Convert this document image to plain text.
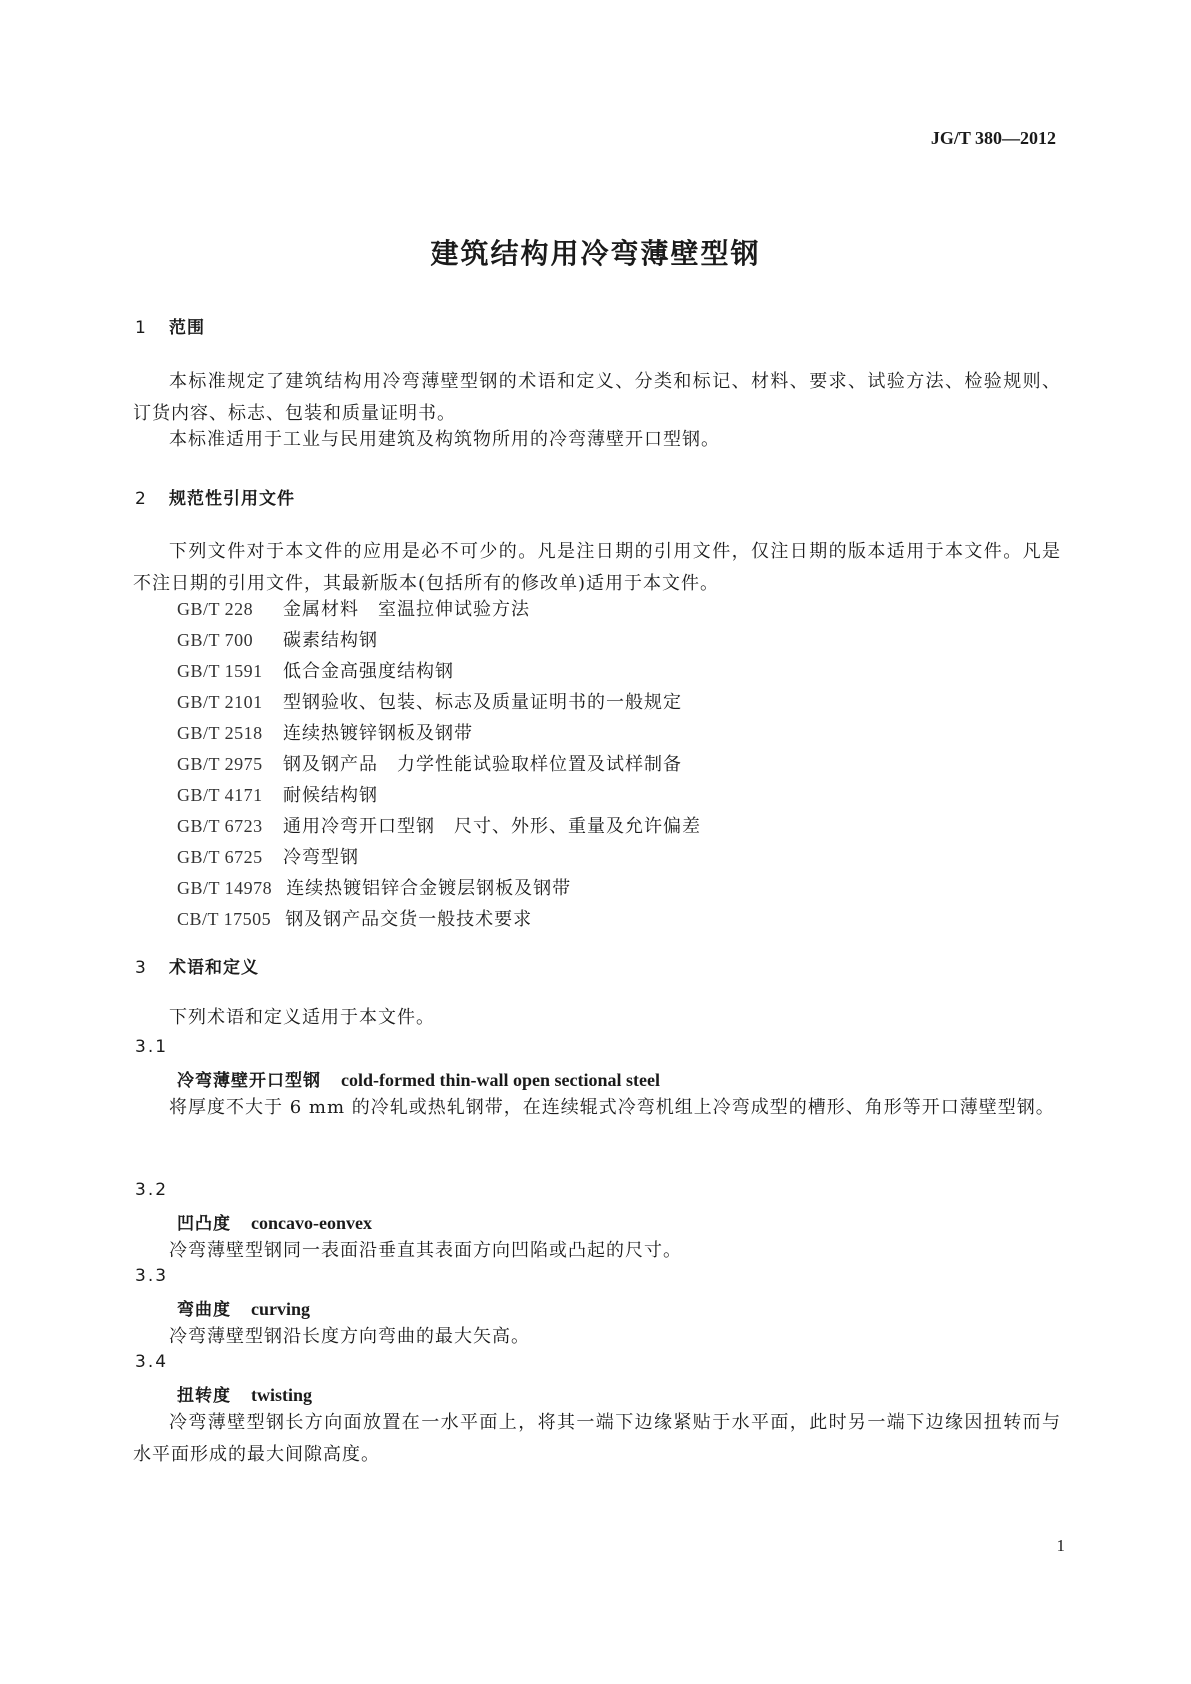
JG/T 380—2012
建筑结构用冷弯薄壁型钢
1 范围
本标准规定了建筑结构用冷弯薄壁型钢的术语和定义、分类和标记、材料、要求、试验方法、检验规则、订货内容、标志、包装和质量证明书。
本标准适用于工业与民用建筑及构筑物所用的冷弯薄壁开口型钢。
2 规范性引用文件
下列文件对于本文件的应用是必不可少的。凡是注日期的引用文件，仅注日期的版本适用于本文件。凡是不注日期的引用文件，其最新版本(包括所有的修改单)适用于本文件。
GB/T 228 金属材料　室温拉伸试验方法
GB/T 700 碳素结构钢
GB/T 1591 低合金高强度结构钢
GB/T 2101 型钢验收、包装、标志及质量证明书的一般规定
GB/T 2518 连续热镀锌钢板及钢带
GB/T 2975 钢及钢产品　力学性能试验取样位置及试样制备
GB/T 4171 耐候结构钢
GB/T 6723 通用冷弯开口型钢　尺寸、外形、重量及允许偏差
GB/T 6725 冷弯型钢
GB/T 14978 连续热镀铝锌合金镀层钢板及钢带
CB/T 17505 钢及钢产品交货一般技术要求
3 术语和定义
下列术语和定义适用于本文件。
3.1
冷弯薄壁开口型钢 cold-formed thin-wall open sectional steel
将厚度不大于 6 mm 的冷轧或热轧钢带，在连续辊式冷弯机组上冷弯成型的槽形、角形等开口薄壁型钢。
3.2
凹凸度 concavo-eonvex
冷弯薄壁型钢同一表面沿垂直其表面方向凹陷或凸起的尺寸。
3.3
弯曲度 curving
冷弯薄壁型钢沿长度方向弯曲的最大矢高。
3.4
扭转度 twisting
冷弯薄壁型钢长方向面放置在一水平面上，将其一端下边缘紧贴于水平面，此时另一端下边缘因扭转而与水平面形成的最大间隙高度。
1
